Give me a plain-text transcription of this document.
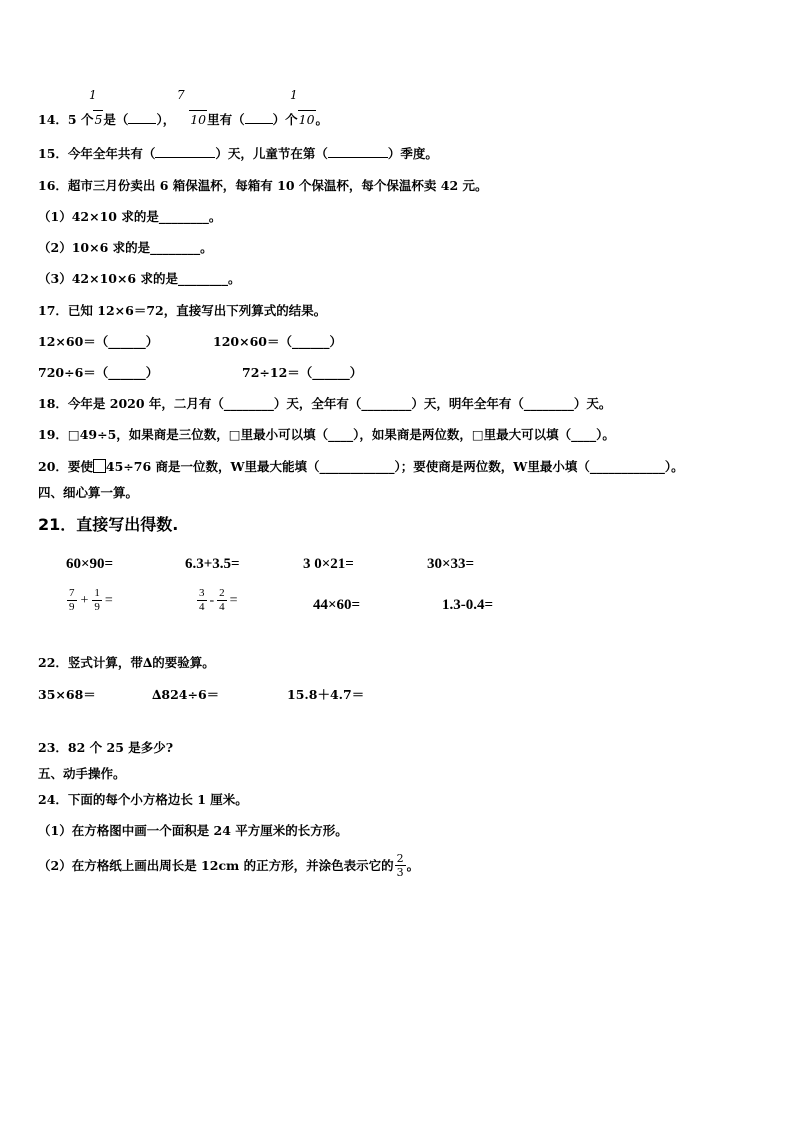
1
14．5 个5是（ ）， 10里有（ ）个10。
7	1
15．今年全年共有（	）天，儿童节在第（	）季度。
16．超市三月份卖出 6 箱保温杯，每箱有 10 个保温杯，每个保温杯卖 42 元。
（1）42×10 求的是________。
（2）10×6 求的是________。
（3）42×10×6 求的是________。
17．已知 12×6＝72，直接写出下列算式的结果。
12×60＝（______）	120×60＝（______）
720÷6＝（______）	72÷12＝（______）
18．今年是 2020 年，二月有（________）天，全年有（________）天，明年全年有（________）天。
19．□49÷5，如果商是三位数，□里最小可以填（____），如果商是两位数，□里最大可以填（____）。
20．要使 45÷76 商是一位数，W里最大能填（____________）；要使商是两位数，W里最小填（____________）。
四、细心算一算。
21．直接写出得数.
60×90=	6.3+3.5=	3 0×21=	30×33=
$\frac{7}{9} + \frac{1}{9}$ =	$\frac{3}{4} - \frac{2}{4}$ =	44×60=	1.3-0.4=
22．竖式计算，带∆的要验算。
35×68＝	∆824÷6＝	15.8＋4.7＝
23．82 个 25 是多少?
五、动手操作。
24．下面的每个小方格边长 1 厘米。
（1）在方格图中画一个面积是 24 平方厘米的长方形。
（2）在方格纸上画出周长是 12cm 的正方形，并涂色表示它的 $\frac{2}{3}$ 。
